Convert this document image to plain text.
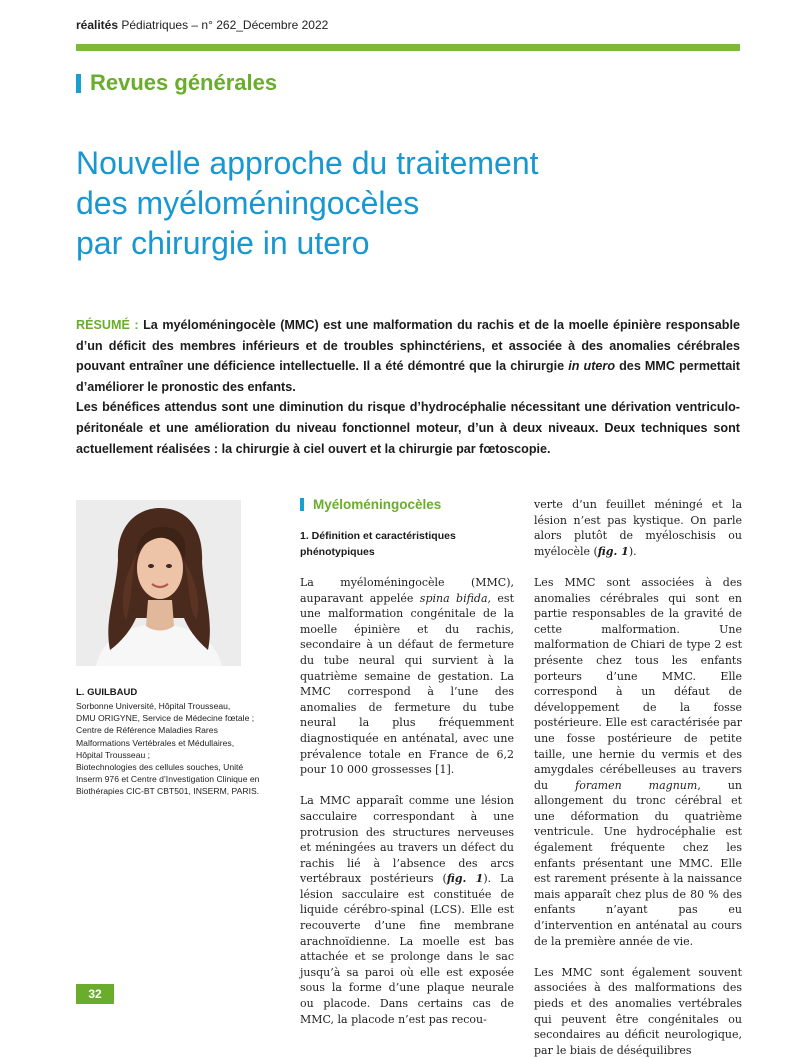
réalités Pédiatriques – n° 262_Décembre 2022
Revues générales
Nouvelle approche du traitement
des myéloméningocèles
par chirurgie in utero

RÉSUMÉ : La myéloméningocèle (MMC) est une malformation du rachis et de la moelle épinière responsable d’un déficit des membres inférieurs et de troubles sphinctériens, et associée à des anomalies cérébrales pouvant entraîner une déficience intellectuelle. Il a été démontré que la chirurgie in utero des MMC permettait d’améliorer le pronostic des enfants.

Les bénéfices attendus sont une diminution du risque d’hydrocéphalie nécessitant une dérivation ventriculo-péritonéale et une amélioration du niveau fonctionnel moteur, d’un à deux niveaux. Deux techniques sont actuellement réalisées : la chirurgie à ciel ouvert et la chirurgie par fœtoscopie.

L. GUILBAUD
Sorbonne Université, Hôpital Trousseau,
DMU ORIGYNE, Service de Médecine fœtale ;
Centre de Référence Maladies Rares
Malformations Vertébrales et Médullaires,
Hôpital Trousseau ;
Biotechnologies des cellules souches, Unité
Inserm 976 et Centre d’Investigation Clinique en
Biothérapies CIC-BT CBT501, INSERM, PARIS.
Myéloméningocèles
1. Définition et caractéristiques phénotypiques

La myéloméningocèle (MMC), auparavant appelée spina bifida, est une malformation congénitale de la moelle épinière et du rachis, secondaire à un défaut de fermeture du tube neural qui survient à la quatrième semaine de gestation. La MMC correspond à l’une des anomalies de fermeture du tube neural la plus fréquemment diagnostiquée en anténatal, avec une prévalence totale en France de 6,2 pour 10 000 grossesses [1].

La MMC apparaît comme une lésion sacculaire correspondant à une protrusion des structures nerveuses et méningées au travers un défect du rachis lié à l’absence des arcs vertébraux postérieurs (fig. 1). La lésion sacculaire est constituée de liquide cérébro-spinal (LCS). Elle est recouverte d’une fine membrane arachnoïdienne. La moelle est bas attachée et se prolonge dans le sac jusqu’à sa paroi où elle est exposée sous la forme d’une plaque neurale ou placode. Dans certains cas de MMC, la placode n’est pas recou-

verte d’un feuillet méningé et la lésion n’est pas kystique. On parle alors plutôt de myéloschisis ou myélocèle (fig. 1).

Les MMC sont associées à des anomalies cérébrales qui sont en partie responsables de la gravité de cette malformation. Une malformation de Chiari de type 2 est présente chez tous les enfants porteurs d’une MMC. Elle correspond à un défaut de développement de la fosse postérieure. Elle est caractérisée par une fosse postérieure de petite taille, une hernie du vermis et des amygdales cérébelleuses au travers du foramen magnum, un allongement du tronc cérébral et une déformation du quatrième ventricule. Une hydrocéphalie est également fréquente chez les enfants présentant une MMC. Elle est rarement présente à la naissance mais apparaît chez plus de 80 % des enfants n’ayant pas eu d’intervention en anténatal au cours de la première année de vie.

Les MMC sont également souvent associées à des malformations des pieds et des anomalies vertébrales qui peuvent être congénitales ou secondaires au déficit neurologique, par le biais de déséquilibres

32
